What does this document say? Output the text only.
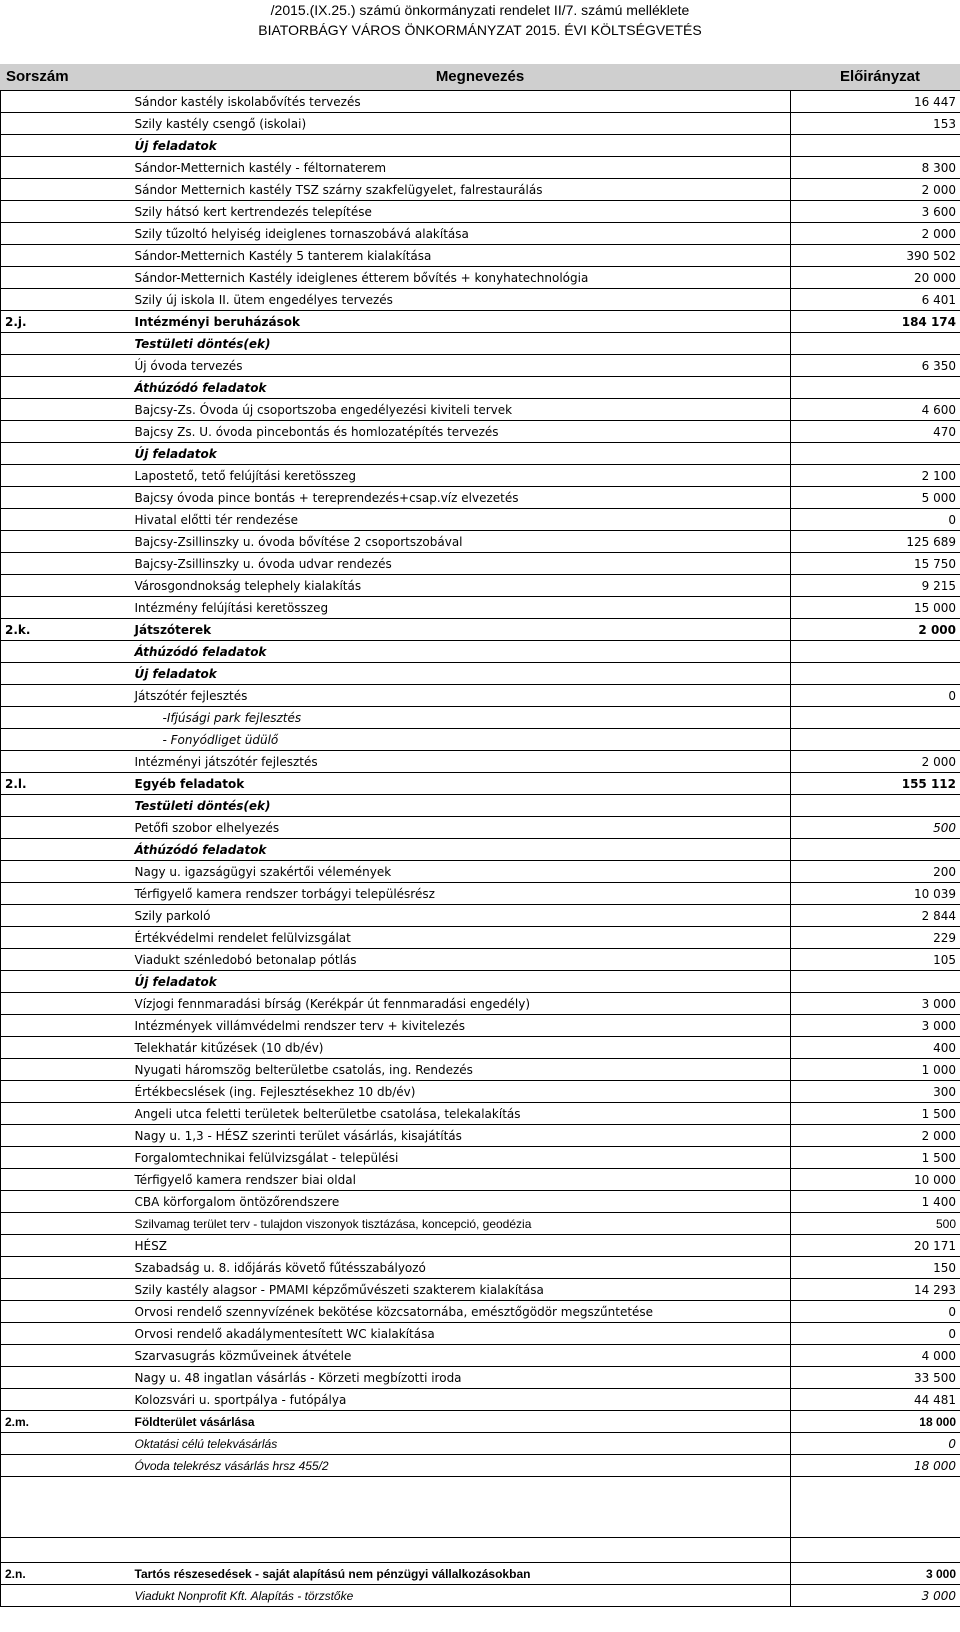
/2015.(IX.25.) számú önkormányzati rendelet II/7. számú melléklete
BIATORBÁGY VÁROS ÖNKORMÁNYZAT 2015. ÉVI KÖLTSÉGVETÉS
Sorszám	Megnevezés	Előirányzat
	Sándor kastély iskolabővítés tervezés	16 447
	Szily kastély csengő (iskolai)	153
	Új feladatok	
	Sándor-Metternich kastély - féltornaterem	8 300
	Sándor Metternich kastély TSZ szárny szakfelügyelet, falrestaurálás	2 000
	Szily hátsó kert kertrendezés telepítése	3 600
	Szily tűzoltó helyiség ideiglenes tornaszobává alakítása	2 000
	Sándor-Metternich Kastély 5 tanterem kialakítása	390 502
	Sándor-Metternich Kastély ideiglenes étterem bővítés + konyhatechnológia	20 000
	Szily új iskola II. ütem engedélyes tervezés	6 401
2.j.	Intézményi beruházások	184 174
	Testületi döntés(ek)	
	Új óvoda tervezés	6 350
	Áthúzódó feladatok	
	Bajcsy-Zs. Óvoda új csoportszoba engedélyezési kiviteli tervek	4 600
	Bajcsy Zs. U. óvoda pincebontás és homlozatépítés tervezés	470
	Új feladatok	
	Lapostető, tető felújítási keretösszeg	2 100
	Bajcsy óvoda pince bontás + tereprendezés+csap.víz elvezetés	5 000
	Hivatal előtti tér rendezése	0
	Bajcsy-Zsillinszky u. óvoda bővítése 2 csoportszobával	125 689
	Bajcsy-Zsillinszky u. óvoda udvar rendezés	15 750
	Városgondnokság telephely kialakítás	9 215
	Intézmény felújítási keretösszeg	15 000
2.k.	Játszóterek	2 000
	Áthúzódó feladatok	
	Új feladatok	
	Játszótér fejlesztés	0
	-Ifjúsági park fejlesztés	
	- Fonyódliget üdülő	
	Intézményi játszótér fejlesztés	2 000
2.l.	Egyéb feladatok	155 112
	Testületi döntés(ek)	
	Petőfi szobor elhelyezés	500
	Áthúzódó feladatok	
	Nagy u. igazságügyi szakértői vélemények	200
	Térfigyelő kamera rendszer torbágyi településrész	10 039
	Szily parkoló	2 844
	Értékvédelmi rendelet felülvizsgálat	229
	Viadukt szénledobó betonalap pótlás	105
	Új feladatok	
	Vízjogi fennmaradási bírság (Kerékpár út fennmaradási engedély)	3 000
	Intézmények villámvédelmi rendszer terv + kivitelezés	3 000
	Telekhatár kitűzések (10 db/év)	400
	Nyugati háromszög belterületbe csatolás, ing. Rendezés	1 000
	Értékbecslések (ing. Fejlesztésekhez 10 db/év)	300
	Angeli utca feletti területek belterületbe csatolása, telekalakítás	1 500
	Nagy u. 1,3 - HÉSZ szerinti terület vásárlás, kisajátítás	2 000
	Forgalomtechnikai felülvizsgálat - települési	1 500
	Térfigyelő kamera rendszer biai oldal	10 000
	CBA körforgalom öntözőrendszere	1 400
	Szilvamag terület terv - tulajdon viszonyok tisztázása, koncepció, geodézia	500
	HÉSZ	20 171
	Szabadság u. 8. időjárás követő fűtésszabályozó	150
	Szily kastély alagsor - PMAMI képzőművészeti szakterem kialakítása	14 293
	Orvosi rendelő szennyvízének bekötése közcsatornába, emésztőgödör megszűntetése	0
	Orvosi rendelő akadálymentesített WC kialakítása	0
	Szarvasugrás közműveinek átvétele	4 000
	Nagy u. 48 ingatlan vásárlás - Körzeti megbízotti iroda	33 500
	Kolozsvári u. sportpálya - futópálya	44 481
2.m.	Földterület vásárlása	18 000
	Oktatási célú telekvásárlás	0
	Óvoda telekrész vásárlás hrsz 455/2	18 000

2.n.	Tartós részesedések - saját alapítású nem pénzügyi vállalkozásokban	3 000
	Viadukt Nonprofit Kft. Alapítás - törzstőke	3 000
